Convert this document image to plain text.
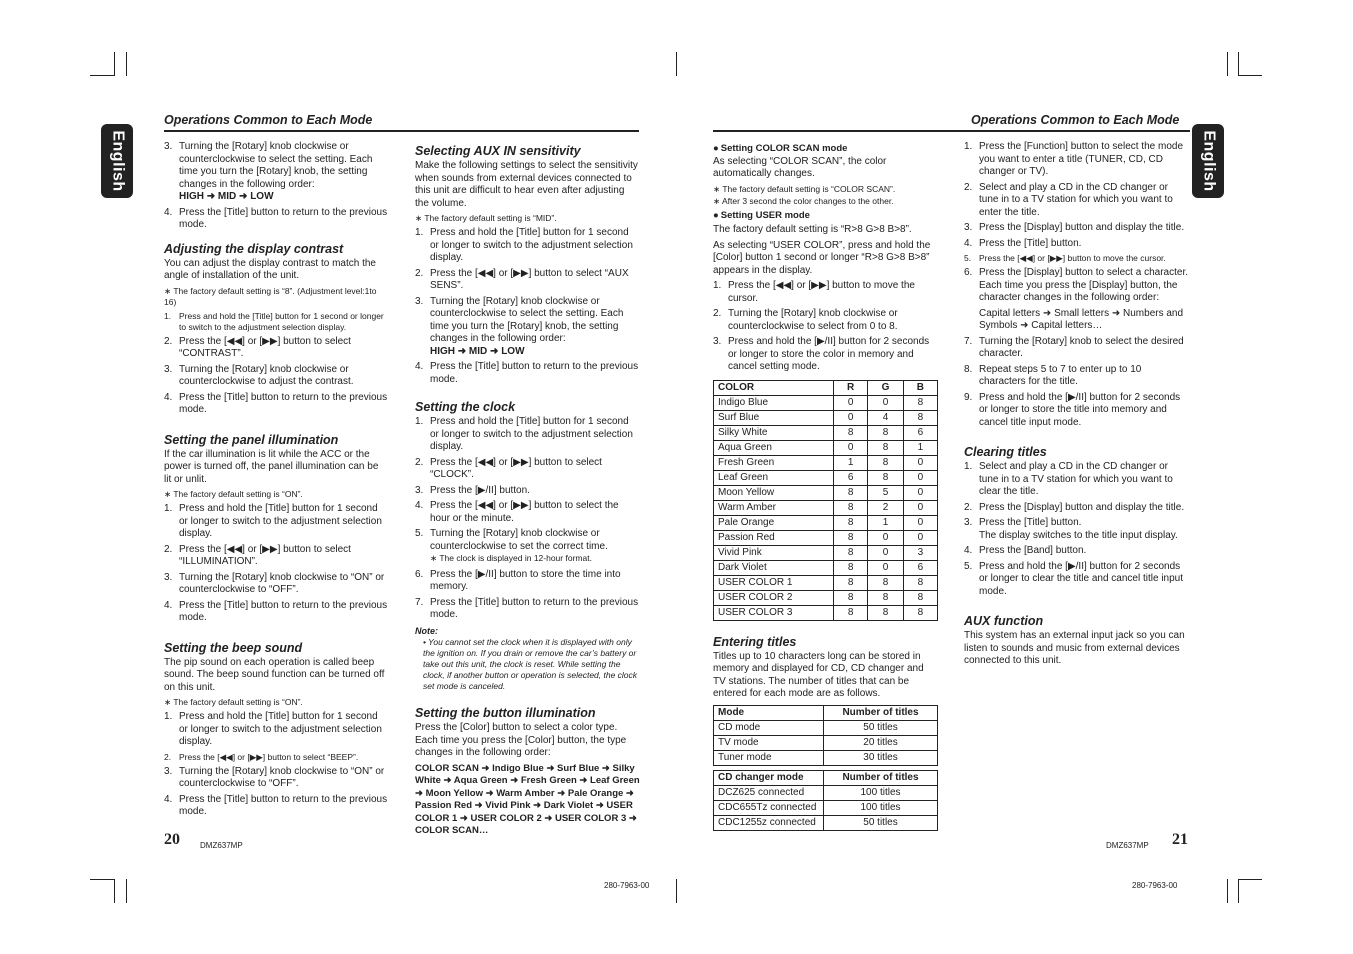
English
Operations Common to Each Mode
3. Turning the [Rotary] knob clockwise or counterclockwise to select the setting. Each time you turn the [Rotary] knob, the setting changes in the following order:
HIGH ➜ MID ➜ LOW
4. Press the [Title] button to return to the previous mode.
Adjusting the display contrast
You can adjust the display contrast to match the angle of installation of the unit.
∗ The factory default setting is “8”. (Adjustment level:1to 16)
1. Press and hold the [Title] button for 1 second or longer to switch to the adjustment selection display.
2. Press the [◀◀] or [▶▶] button to select “CONTRAST”.
3. Turning the [Rotary] knob clockwise or counterclockwise to adjust the contrast.
4. Press the [Title] button to return to the previous mode.
Setting the panel illumination
If the car illumination is lit while the ACC or the power is turned off, the panel illumination can be lit or unlit.
∗ The factory default setting is “ON”.
1. Press and hold the [Title] button for 1 second or longer to switch to the adjustment selection display.
2. Press the [◀◀] or [▶▶] button to select “ILLUMINATION”.
3. Turning the [Rotary] knob clockwise to “ON” or counterclockwise to “OFF”.
4. Press the [Title] button to return to the previous mode.
Setting the beep sound
The pip sound on each operation is called beep sound. The beep sound function can be turned off on this unit.
∗ The factory default setting is “ON”.
1. Press and hold the [Title] button for 1 second or longer to switch to the adjustment selection display.
2. Press the [◀◀] or [▶▶] button to select “BEEP”.
3. Turning the [Rotary] knob clockwise to “ON” or counterclockwise to “OFF”.
4. Press the [Title] button to return to the previous mode.
Selecting AUX IN sensitivity
Make the following settings to select the sensitivity when sounds from external devices connected to this unit are difficult to hear even after adjusting the volume.
∗ The factory default setting is “MID”.
1. Press and hold the [Title] button for 1 second or longer to switch to the adjustment selection display.
2. Press the [◀◀] or [▶▶] button to select “AUX SENS”.
3. Turning the [Rotary] knob clockwise or counterclockwise to select the setting. Each time you turn the [Rotary] knob, the setting changes in the following order:
HIGH ➜ MID ➜ LOW
4. Press the [Title] button to return to the previous mode.
Setting the clock
1. Press and hold the [Title] button for 1 second or longer to switch to the adjustment selection display.
2. Press the [◀◀] or [▶▶] button to select “CLOCK”.
3. Press the [▶/II] button.
4. Press the [◀◀] or [▶▶] button to select the hour or the minute.
5. Turning the [Rotary] knob clockwise or counterclockwise to set the correct time.
∗ The clock is displayed in 12-hour format.
6. Press the [▶/II] button to store the time into memory.
7. Press the [Title] button to return to the previous mode.
Note:
• You cannot set the clock when it is displayed with only the ignition on. If you drain or remove the car’s battery or take out this unit, the clock is reset. While setting the clock, if another button or operation is selected, the clock set mode is canceled.
Setting the button illumination
Press the [Color] button to select a color type. Each time you press the [Color] button, the type changes in the following order:
COLOR SCAN ➜ Indigo Blue ➜ Surf Blue ➜ Silky White ➜ Aqua Green ➜ Fresh Green ➜ Leaf Green ➜ Moon Yellow ➜ Warm Amber ➜ Pale Orange ➜ Passion Red ➜ Vivid Pink ➜ Dark Violet ➜ USER COLOR 1 ➜ USER COLOR 2 ➜ USER COLOR 3 ➜ COLOR SCAN…
20	DMZ637MP
280-7963-00
Operations Common to Each Mode
English
● Setting COLOR SCAN mode
As selecting “COLOR SCAN”, the color automatically changes.
∗ The factory default setting is “COLOR SCAN”.
∗ After 3 second the color changes to the other.
● Setting USER mode
The factory default setting is “R>8 G>8 B>8”.
As selecting “USER COLOR”, press and hold the [Color] button 1 second or longer “R>8 G>8 B>8” appears in the display.
1. Press the [◀◀] or [▶▶] button to move the cursor.
2. Turning the [Rotary] knob clockwise or counterclockwise to select from 0 to 8.
3. Press and hold the [▶/II] button for 2 seconds or longer to store the color in memory and cancel setting mode.
COLOR	R	G	B
Indigo Blue	0	0	8
Surf Blue	0	4	8
Silky White	8	8	6
Aqua Green	0	8	1
Fresh Green	1	8	0
Leaf Green	6	8	0
Moon Yellow	8	5	0
Warm Amber	8	2	0
Pale Orange	8	1	0
Passion Red	8	0	0
Vivid Pink	8	0	3
Dark Violet	8	0	6
USER COLOR 1	8	8	8
USER COLOR 2	8	8	8
USER COLOR 3	8	8	8
Entering titles
Titles up to 10 characters long can be stored in memory and displayed for CD, CD changer and TV stations. The number of titles that can be entered for each mode are as follows.
Mode	Number of titles
CD mode	50 titles
TV mode	20 titles
Tuner mode	30 titles
CD changer mode	Number of titles
DCZ625 connected	100 titles
CDC655Tz connected	100 titles
CDC1255z connected	50 titles
1. Press the [Function] button to select the mode you want to enter a title (TUNER, CD, CD changer or TV).
2. Select and play a CD in the CD changer or tune in to a TV station for which you want to enter the title.
3. Press the [Display] button and display the title.
4. Press the [Title] button.
5. Press the [◀◀] or [▶▶] button to move the cursor.
6. Press the [Display] button to select a character. Each time you press the [Display] button, the character changes in the following order:

Capital letters ➜ Small letters ➜ Numbers and Symbols ➜ Capital letters…
7. Turning the [Rotary] knob to select the desired character.
8. Repeat steps 5 to 7 to enter up to 10 characters for the title.
9. Press and hold the [▶/II] button for 2 seconds or longer to store the title into memory and cancel title input mode.
Clearing titles
1. Select and play a CD in the CD changer or tune in to a TV station for which you want to clear the title.
2. Press the [Display] button and display the title.
3. Press the [Title] button.
The display switches to the title input display.
4. Press the [Band] button.
5. Press and hold the [▶/II] button for 2 seconds or longer to clear the title and cancel title input mode.
AUX function
This system has an external input jack so you can listen to sounds and music from external devices connected to this unit.
DMZ637MP 21
280-7963-00
